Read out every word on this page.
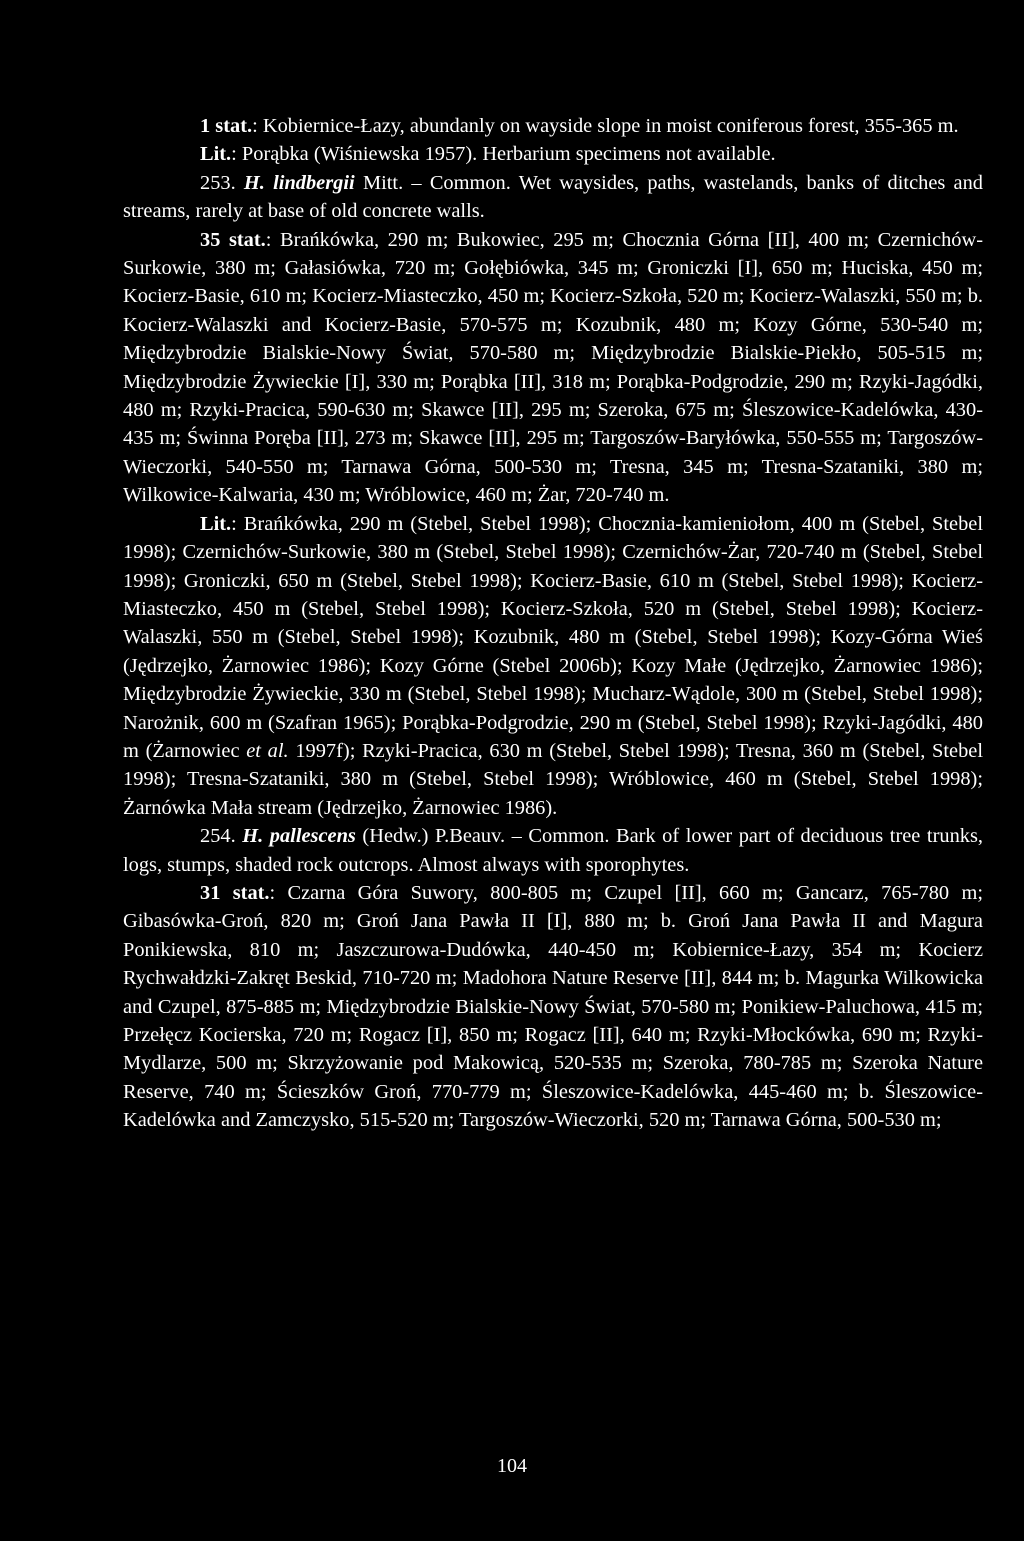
1 stat.: Kobiernice-Łazy, abundanly on wayside slope in moist coniferous forest, 355-365 m.

Lit.: Porąbka (Wiśniewska 1957). Herbarium specimens not available.

253. H. lindbergii Mitt. – Common. Wet waysides, paths, wastelands, banks of ditches and streams, rarely at base of old concrete walls.

35 stat.: Brańkówka, 290 m; Bukowiec, 295 m; Chocznia Górna [II], 400 m; Czernichów-Surkowie, 380 m; Gałasiówka, 720 m; Gołębiówka, 345 m; Groniczki [I], 650 m; Huciska, 450 m; Kocierz-Basie, 610 m; Kocierz-Miasteczko, 450 m; Kocierz-Szkoła, 520 m; Kocierz-Walaszki, 550 m; b. Kocierz-Walaszki and Kocierz-Basie, 570-575 m; Kozubnik, 480 m; Kozy Górne, 530-540 m; Międzybrodzie Bialskie-Nowy Świat, 570-580 m; Międzybrodzie Bialskie-Piekło, 505-515 m; Międzybrodzie Żywieckie [I], 330 m; Porąbka [II], 318 m; Porąbka-Podgrodzie, 290 m; Rzyki-Jagódki, 480 m; Rzyki-Pracica, 590-630 m; Skawce [II], 295 m; Szeroka, 675 m; Śleszowice-Kadelówka, 430-435 m; Świnna Poręba [II], 273 m; Skawce [II], 295 m; Targoszów-Baryłówka, 550-555 m; Targoszów-Wieczorki, 540-550 m; Tarnawa Górna, 500-530 m; Tresna, 345 m; Tresna-Szataniki, 380 m; Wilkowice-Kalwaria, 430 m; Wróblowice, 460 m; Żar, 720-740 m.

Lit.: Brańkówka, 290 m (Stebel, Stebel 1998); Chocznia-kamieniołom, 400 m (Stebel, Stebel 1998); Czernichów-Surkowie, 380 m (Stebel, Stebel 1998); Czernichów-Żar, 720-740 m (Stebel, Stebel 1998); Groniczki, 650 m (Stebel, Stebel 1998); Kocierz-Basie, 610 m (Stebel, Stebel 1998); Kocierz-Miasteczko, 450 m (Stebel, Stebel 1998); Kocierz-Szkoła, 520 m (Stebel, Stebel 1998); Kocierz-Walaszki, 550 m (Stebel, Stebel 1998); Kozubnik, 480 m (Stebel, Stebel 1998); Kozy-Górna Wieś (Jędrzejko, Żarnowiec 1986); Kozy Górne (Stebel 2006b); Kozy Małe (Jędrzejko, Żarnowiec 1986); Międzybrodzie Żywieckie, 330 m (Stebel, Stebel 1998); Mucharz-Wądole, 300 m (Stebel, Stebel 1998); Narożnik, 600 m (Szafran 1965); Porąbka-Podgrodzie, 290 m (Stebel, Stebel 1998); Rzyki-Jagódki, 480 m (Żarnowiec et al. 1997f); Rzyki-Pracica, 630 m (Stebel, Stebel 1998); Tresna, 360 m (Stebel, Stebel 1998); Tresna-Szataniki, 380 m (Stebel, Stebel 1998); Wróblowice, 460 m (Stebel, Stebel 1998); Żarnówka Mała stream (Jędrzejko, Żarnowiec 1986).

254. H. pallescens (Hedw.) P.Beauv. – Common. Bark of lower part of deciduous tree trunks, logs, stumps, shaded rock outcrops. Almost always with sporophytes.

31 stat.: Czarna Góra Suwory, 800-805 m; Czupel [II], 660 m; Gancarz, 765-780 m; Gibasówka-Groń, 820 m; Groń Jana Pawła II [I], 880 m; b. Groń Jana Pawła II and Magura Ponikiewska, 810 m; Jaszczurowa-Dudówka, 440-450 m; Kobiernice-Łazy, 354 m; Kocierz Rychwałdzki-Zakręt Beskid, 710-720 m; Madohora Nature Reserve [II], 844 m; b. Magurka Wilkowicka and Czupel, 875-885 m; Międzybrodzie Bialskie-Nowy Świat, 570-580 m; Ponikiew-Paluchowa, 415 m; Przełęcz Kocierska, 720 m; Rogacz [I], 850 m; Rogacz [II], 640 m; Rzyki-Młockówka, 690 m; Rzyki-Mydlarze, 500 m; Skrzyżowanie pod Makowicą, 520-535 m; Szeroka, 780-785 m; Szeroka Nature Reserve, 740 m; Ścieszków Groń, 770-779 m; Śleszowice-Kadelówka, 445-460 m; b. Śleszowice-Kadelówka and Zamczysko, 515-520 m; Targoszów-Wieczorki, 520 m; Tarnawa Górna, 500-530 m;

104
